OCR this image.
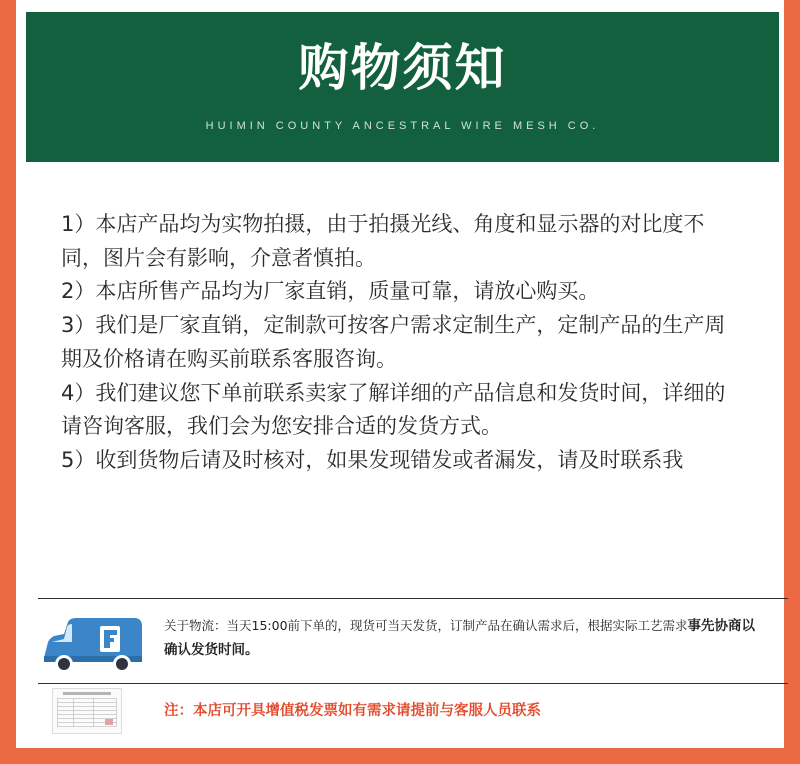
购物须知
HUIMIN COUNTY ANCESTRAL WIRE MESH CO.

1）本店产品均为实物拍摄，由于拍摄光线、角度和显示器的对比度不同，图片会有影响，介意者慎拍。

2）本店所售产品均为厂家直销，质量可靠，请放心购买。

3）我们是厂家直销，定制款可按客户需求定制生产，定制产品的生产周期及价格请在购买前联系客服咨询。

4）我们建议您下单前联系卖家了解详细的产品信息和发货时间，详细的请咨询客服，我们会为您安排合适的发货方式。

5）收到货物后请及时核对，如果发现错发或者漏发，请及时联系我

关于物流：当天15:00前下单的，现货可当天发货，订制产品在确认需求后，根据实际工艺需求事先协商以确认发货时间。
注：本店可开具增值税发票如有需求请提前与客服人员联系
